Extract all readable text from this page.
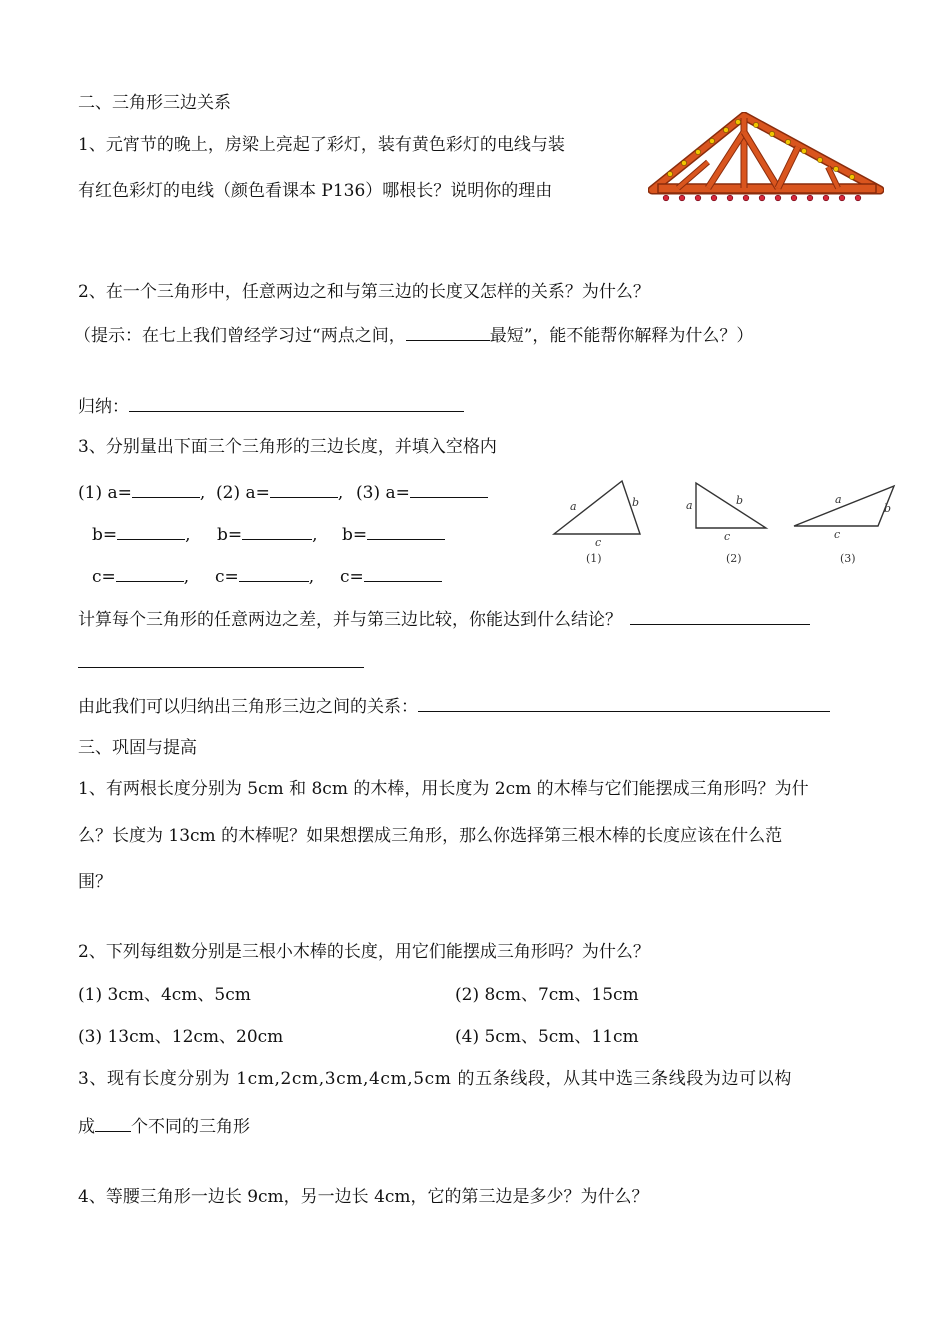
二、三角形三边关系
1、元宵节的晚上，房梁上亮起了彩灯，装有黄色彩灯的电线与装
有红色彩灯的电线（颜色看课本 P136）哪根长？说明你的理由
2、在一个三角形中，任意两边之和与第三边的长度又怎样的关系？为什么？
（提示：在七上我们曾经学习过“两点之间，	最短”，能不能帮你解释为什么？）
归纳：
3、分别量出下面三个三角形的三边长度，并填入空格内
(1) a=	, (2) a=	, (3) a=
b=	, b=	, b=
c=	, c=	, c=
a	b
c
(1)
a	b
c
(2)
a
b
c
(3)
计算每个三角形的任意两边之差，并与第三边比较，你能达到什么结论？
由此我们可以归纳出三角形三边之间的关系：
三、巩固与提高
1、有两根长度分别为 5cm 和 8cm 的木棒，用长度为 2cm 的木棒与它们能摆成三角形吗？为什
么？长度为 13cm 的木棒呢？如果想摆成三角形，那么你选择第三根木棒的长度应该在什么范
围？
2、下列每组数分别是三根小木棒的长度，用它们能摆成三角形吗？为什么？
(1) 3cm、4cm、5cm	(2) 8cm、7cm、15cm
(3) 13cm、12cm、20cm	(4) 5cm、5cm、11cm
3、现有长度分别为 1cm,2cm,3cm,4cm,5cm 的五条线段，从其中选三条线段为边可以构
成 个不同的三角形
4、等腰三角形一边长 9cm，另一边长 4cm，它的第三边是多少？为什么？
